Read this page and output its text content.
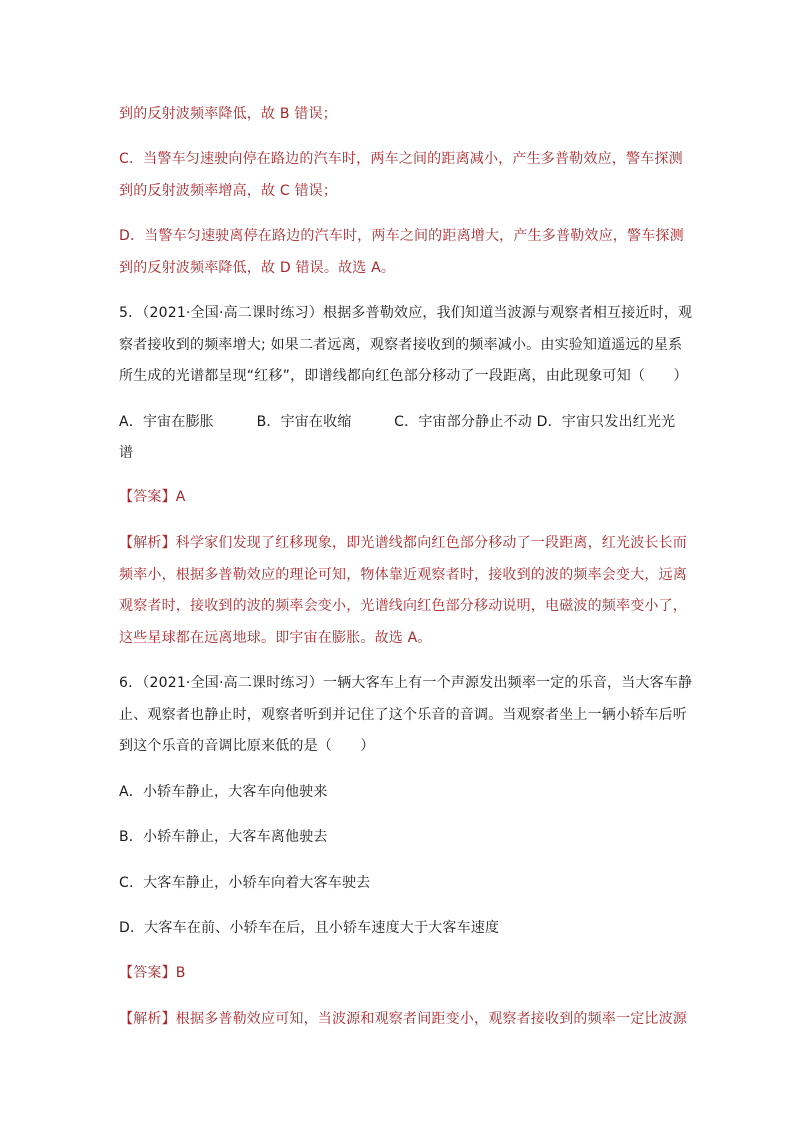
到的反射波频率降低，故 B 错误；
C．当警车匀速驶向停在路边的汽车时，两车之间的距离减小，产生多普勒效应，警车探测
到的反射波频率增高，故 C 错误；
D．当警车匀速驶离停在路边的汽车时，两车之间的距离增大，产生多普勒效应，警车探测
到的反射波频率降低，故 D 错误。故选 A。
5．（2021·全国·高二课时练习）根据多普勒效应，我们知道当波源与观察者相互接近时，观
察者接收到的频率增大; 如果二者远离，观察者接收到的频率减小。由实验知道遥远的星系
所生成的光谱都呈现“红移”，即谱线都向红色部分移动了一段距离，由此现象可知（　　）
A．宇宙在膨胀　　　B．宇宙在收缩　　　C．宇宙部分静止不动 D．宇宙只发出红光光
谱
【答案】A
【解析】科学家们发现了红移现象，即光谱线都向红色部分移动了一段距离，红光波长长而
频率小，根据多普勒效应的理论可知，物体靠近观察者时，接收到的波的频率会变大，远离
观察者时，接收到的波的频率会变小，光谱线向红色部分移动说明，电磁波的频率变小了，
这些星球都在远离地球。即宇宙在膨胀。故选 A。
6．（2021·全国·高二课时练习）一辆大客车上有一个声源发出频率一定的乐音，当大客车静
止、观察者也静止时，观察者听到并记住了这个乐音的音调。当观察者坐上一辆小轿车后听
到这个乐音的音调比原来低的是（　　）
A．小轿车静止，大客车向他驶来
B．小轿车静止，大客车离他驶去
C．大客车静止，小轿车向着大客车驶去
D．大客车在前、小轿车在后，且小轿车速度大于大客车速度
【答案】B
【解析】根据多普勒效应可知，当波源和观察者间距变小，观察者接收到的频率一定比波源
